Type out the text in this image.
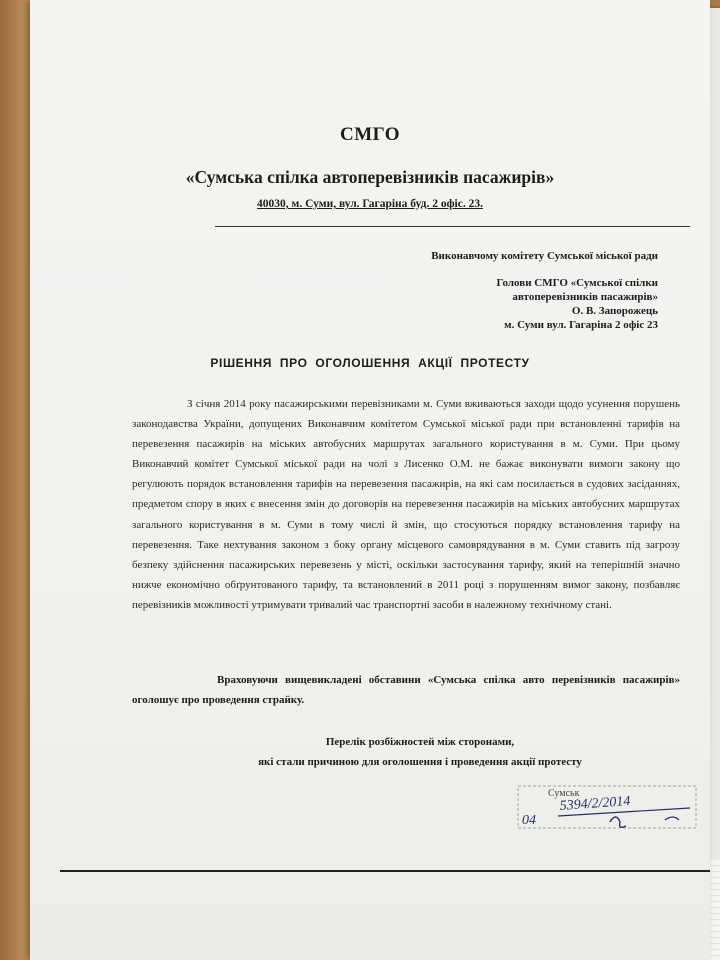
СМГО
«Сумська спілка автоперевізників пасажирів»
40030, м. Суми, вул. Гагаріна буд. 2 офіс. 23.
Виконавчому комітету Сумської міської ради
Голови СМГО «Сумської спілки
автоперевізників пасажирів»
О. В. Запорожець
м. Суми вул. Гагаріна 2 офіс 23
РІШЕННЯ ПРО ОГОЛОШЕННЯ АКЦІЇ ПРОТЕСТУ

З січня 2014 року пасажирськими перевізниками м. Суми вживаються заходи щодо усунення порушень законодавства України, допущених Виконавчим комітетом Сумської міської ради при встановленні тарифів на перевезення пасажирів на міських автобусних маршрутах загального користування в м. Суми. При цьому Виконавчий комітет Сумської міської ради на чолі з Лисенко О.М. не бажає виконувати вимоги закону що регулюють порядок встановлення тарифів на перевезення пасажирів, на які сам посилається в судових засіданнях, предметом спору в яких є внесення змін до договорів на перевезення пасажирів на міських автобусних маршрутах загального користування в м. Суми в тому числі й змін, що стосуються порядку встановлення тарифу на перевезення. Таке нехтування законом з боку органу місцевого самоврядування в м. Суми ставить під загрозу безпеку здійснення пасажирських перевезень у місті, оскільки застосування тарифу, який на теперішній значно нижче економічно обґрунтованого тарифу, та встановлений в 2011 році з порушенням вимог закону, позбавляє перевізників можливості утримувати тривалий час транспортні засоби в належному технічному стані.

Враховуючи вищевикладені обставини «Сумська спілка авто перевізників пасажирів» оголошує про проведення страйку.

Перелік розбіжностей між сторонами,
які стали причиною для оголошення і проведення акції протесту
Сумськ
5394/2/2014
04
